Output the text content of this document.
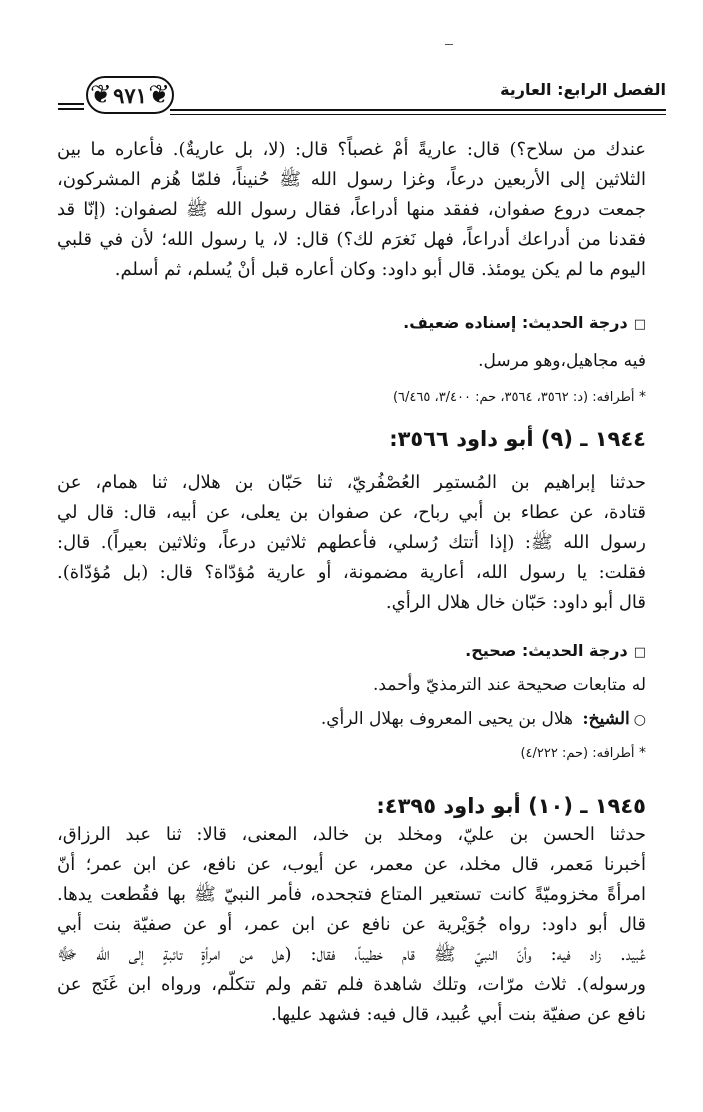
الفصل الرابع: العارية
❦ ٩٧١ ❦
عندك من سلاح؟) قال: عاريةً أمْ غصباً؟ قال: (لا، بل عاريةٌ). فأعاره ما بين
الثلاثين إلى الأربعين درعاً، وغزا رسول الله ﷺ حُنيناً، فلمّا هُزم المشركون،
جمعت دروع صفوان، ففقد منها أدراعاً، فقال رسول الله ﷺ لصفوان: (إنّا قد
فقدنا من أدراعك أدراعاً، فهل نَغرَم لك؟) قال: لا، يا رسول الله؛ لأن في قلبي
اليوم ما لم يكن يومئذ. قال أبو داود: وكان أعاره قبل أنْ يُسلم، ثم أسلم.
□درجة الحديث: إسناده ضعيف.
فيه مجاهيل،وهو مرسل.
* أطرافه: (د: ٣٥٦٢، ٣٥٦٤، حم: ٣/٤٠٠، ٦/٤٦٥)
١٩٤٤ ـ (٩) أبو داود ٣٥٦٦:
حدثنا إبراهيم بن المُستمِر العُصْفُريّ، ثنا حَبّان بن هلال، ثنا همام، عن
قتادة، عن عطاء بن أبي رباح، عن صفوان بن يعلى، عن أبيه، قال: قال لي
رسول الله ﷺ: (إذا أتتك رُسلي، فأعطهم ثلاثين درعاً، وثلاثين بعيراً). قال:
فقلت: يا رسول الله، أعارية مضمونة، أو عارية مُؤدّاة؟ قال: (بل مُؤدّاة).
قال أبو داود: حَبّان خال هلال الرأي.
□درجة الحديث: صحيح.
له متابعات صحيحة عند الترمذيّ وأحمد.
○الشيخ: هلال بن يحيى المعروف بهلال الرأي.
* أطرافه: (حم: ٤/٢٢٢)
١٩٤٥ ـ (١٠) أبو داود ٤٣٩٥:
حدثنا الحسن بن عليّ، ومخلد بن خالد، المعنى، قالا: ثنا عبد الرزاق،
أخبرنا مَعمر، قال مخلد، عن معمر، عن أيوب، عن نافع، عن ابن عمر؛ أنّ
امرأةً مخزوميّةً كانت تستعير المتاع فتجحده، فأمر النبيّ ﷺ بها فقُطعت يدها.
قال أبو داود: رواه جُوَيْرية عن نافع عن ابن عمر، أو عن صفيّة بنت أبي
عُبيد. زاد فيه: وأنّ النبيّ ﷺ قام خطيباً، فقال: (هل من امرأةٍ تائبةٍ إلى الله ﷻ
ورسوله). ثلاث مرّات، وتلك شاهدة فلم تقم ولم تتكلّم، ورواه ابن غَنَج عن
نافع عن صفيّة بنت أبي عُبيد، قال فيه: فشهد عليها.
